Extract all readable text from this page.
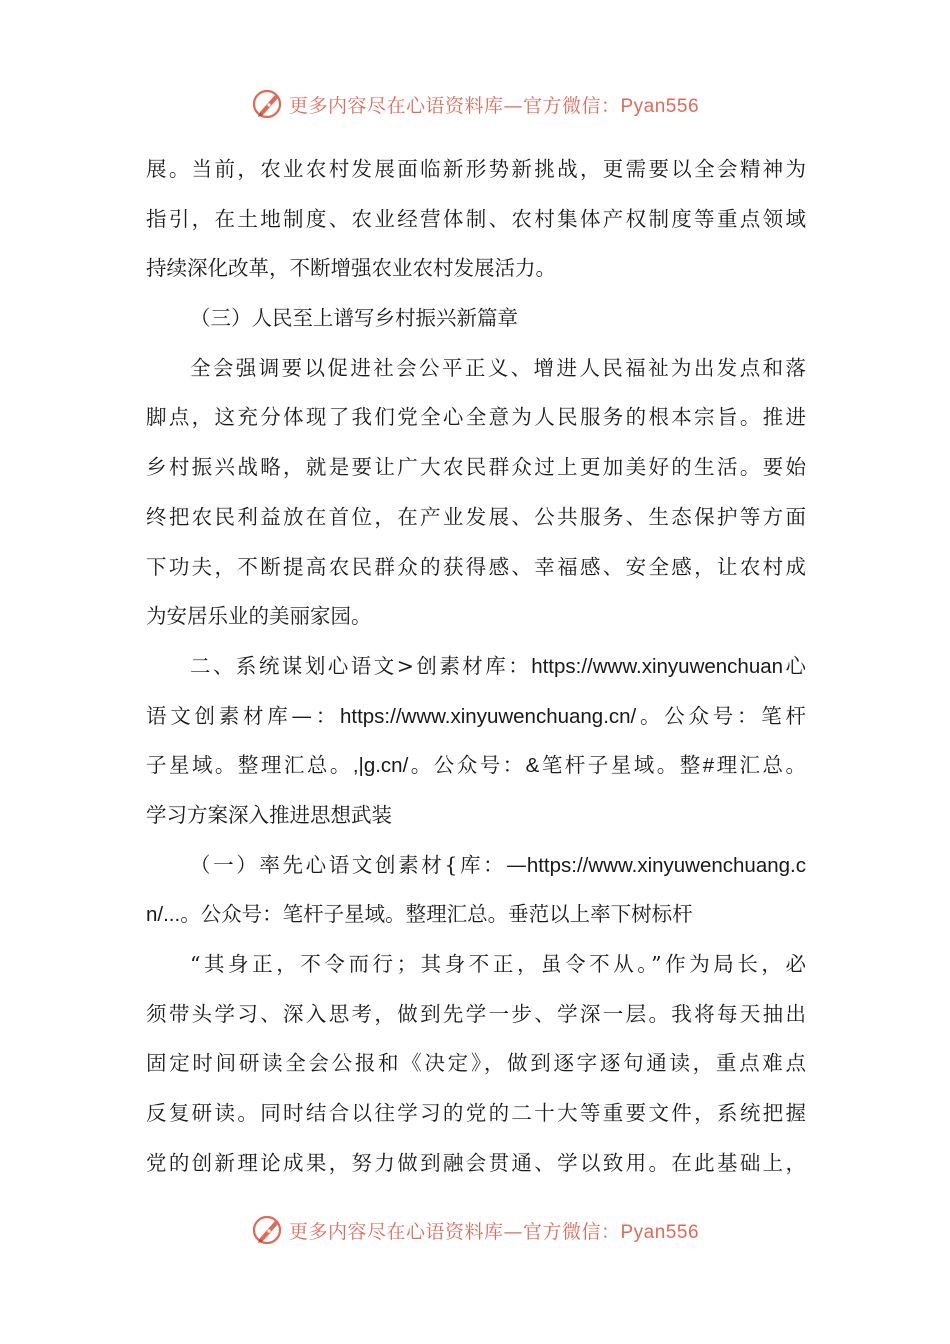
更多内容尽在心语资料库—官方微信：Pyan556
展。当前，农业农村发展面临新形势新挑战，更需要以全会精神为
指引，在土地制度、农业经营体制、农村集体产权制度等重点领域
持续深化改革，不断增强农业农村发展活力。
（三）人民至上谱写乡村振兴新篇章
全会强调要以促进社会公平正义、增进人民福祉为出发点和落
脚点，这充分体现了我们党全心全意为人民服务的根本宗旨。推进
乡村振兴战略，就是要让广大农民群众过上更加美好的生活。要始
终把农民利益放在首位，在产业发展、公共服务、生态保护等方面
下功夫，不断提高农民群众的获得感、幸福感、安全感，让农村成
为安居乐业的美丽家园。
二、系统谋划心语文>创素材库：https://www.xinyuwenchuan心
语文创素材库—：https://www.xinyuwenchuang.cn/。公众号：笔杆
子星域。整理汇总。,|g.cn/。公众号：&笔杆子星域。整#理汇总。
学习方案深入推进思想武装
（一）率先心语文创素材{库：—https://www.xinyuwenchuang.c
n/...。公众号：笔杆子星域。整理汇总。垂范以上率下树标杆
“其身正，不令而行；其身不正，虽令不从。”作为局长，必
须带头学习、深入思考，做到先学一步、学深一层。我将每天抽出
固定时间研读全会公报和《决定》，做到逐字逐句通读，重点难点
反复研读。同时结合以往学习的党的二十大等重要文件，系统把握
党的创新理论成果，努力做到融会贯通、学以致用。在此基础上，
更多内容尽在心语资料库—官方微信：Pyan556
